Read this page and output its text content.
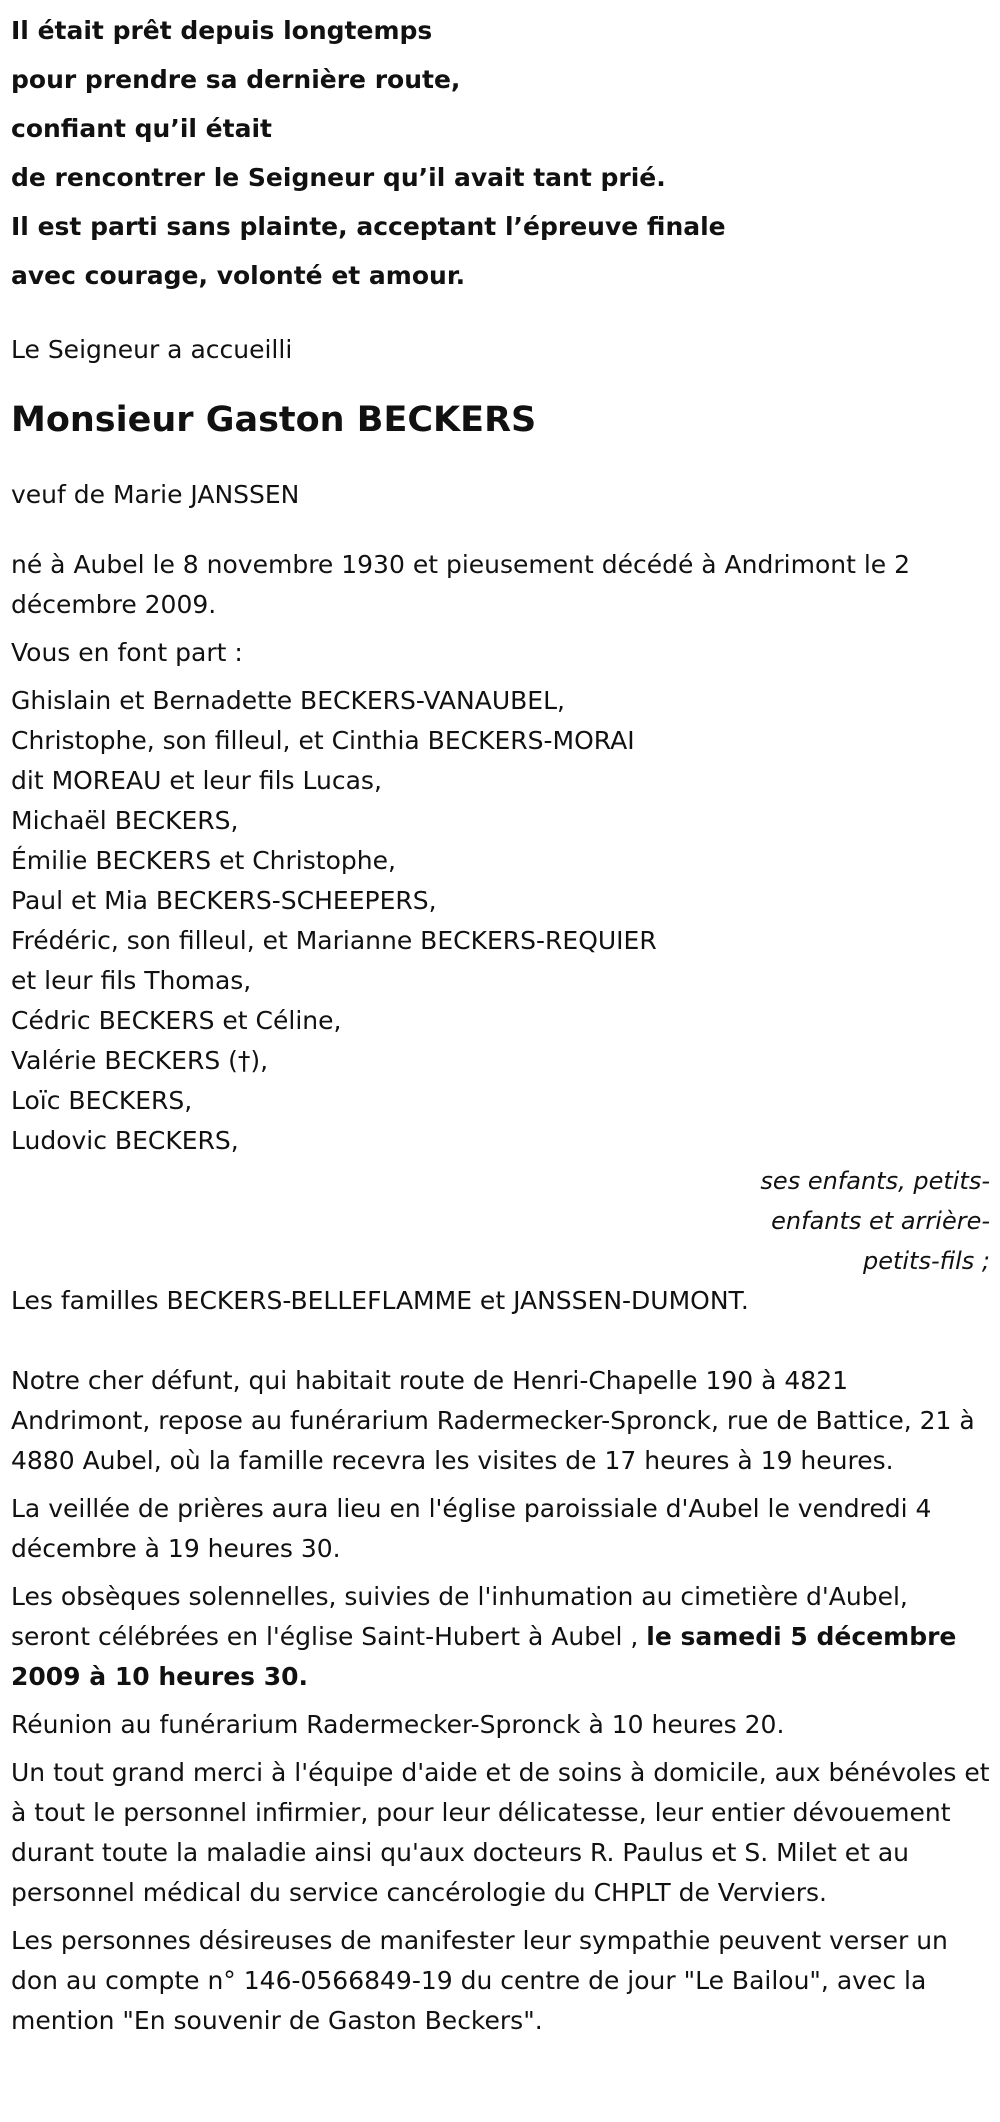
Il était prêt depuis longtemps
pour prendre sa dernière route,
confiant qu’il était
de rencontrer le Seigneur qu’il avait tant prié.
Il est parti sans plainte, acceptant l’épreuve finale
avec courage, volonté et amour.
Le Seigneur a accueilli
Monsieur Gaston BECKERS
veuf de Marie JANSSEN
né à Aubel le 8 novembre 1930 et pieusement décédé à Andrimont le 2 décembre 2009.
Vous en font part :
Ghislain et Bernadette BECKERS-VANAUBEL,
Christophe, son filleul, et Cinthia BECKERS-MORAI
dit MOREAU et leur fils Lucas,
Michaël BECKERS,
Émilie BECKERS et Christophe,
Paul et Mia BECKERS-SCHEEPERS,
Frédéric, son filleul, et Marianne BECKERS-REQUIER
et leur fils Thomas,
Cédric BECKERS et Céline,
Valérie BECKERS (†),
Loïc BECKERS,
Ludovic BECKERS,
ses enfants, petits-enfants et arrière-petits-fils ;
Les familles BECKERS-BELLEFLAMME et JANSSEN-DUMONT.
Notre cher défunt, qui habitait route de Henri-Chapelle 190 à 4821 Andrimont, repose au funérarium Radermecker-Spronck, rue de Battice, 21 à 4880 Aubel, où la famille recevra les visites de 17 heures à 19 heures.
La veillée de prières aura lieu en l'église paroissiale d'Aubel le vendredi 4 décembre à 19 heures 30.
Les obsèques solennelles, suivies de l'inhumation au cimetière d'Aubel, seront célébrées en l'église Saint-Hubert à Aubel , le samedi 5 décembre 2009 à 10 heures 30.
Réunion au funérarium Radermecker-Spronck à 10 heures 20.
Un tout grand merci à l'équipe d'aide et de soins à domicile, aux bénévoles et à tout le personnel infirmier, pour leur délicatesse, leur entier dévouement durant toute la maladie ainsi qu'aux docteurs R. Paulus et S. Milet et au personnel médical du service cancérologie du CHPLT de Verviers.
Les personnes désireuses de manifester leur sympathie peuvent verser un don au compte n° 146-0566849-19 du centre de jour "Le Bailou", avec la mention "En souvenir de Gaston Beckers".
